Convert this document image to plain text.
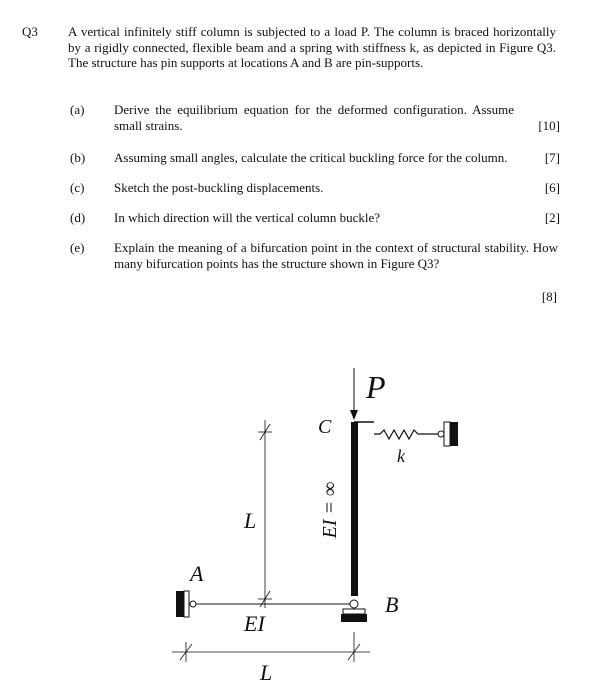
Q3 A vertical infinitely stiff column is subjected to a load P. The column is braced horizontally by a rigidly connected, flexible beam and a spring with stiffness k, as depicted in Figure Q3. The structure has pin supports at locations A and B are pin-supports.
(a) Derive the equilibrium equation for the deformed configuration. Assume small strains.	[10]
(b) Assuming small angles, calculate the critical buckling force for the column.	[7]
(c) Sketch the post-buckling displacements.	[6]
(d) In which direction will the vertical column buckle?	[2]
(e) Explain the meaning of a bifurcation point in the context of structural stability. How many bifurcation points has the structure shown in Figure Q3?
[8]
P
C
k
EI = ∞
L
A
EI
B
L
